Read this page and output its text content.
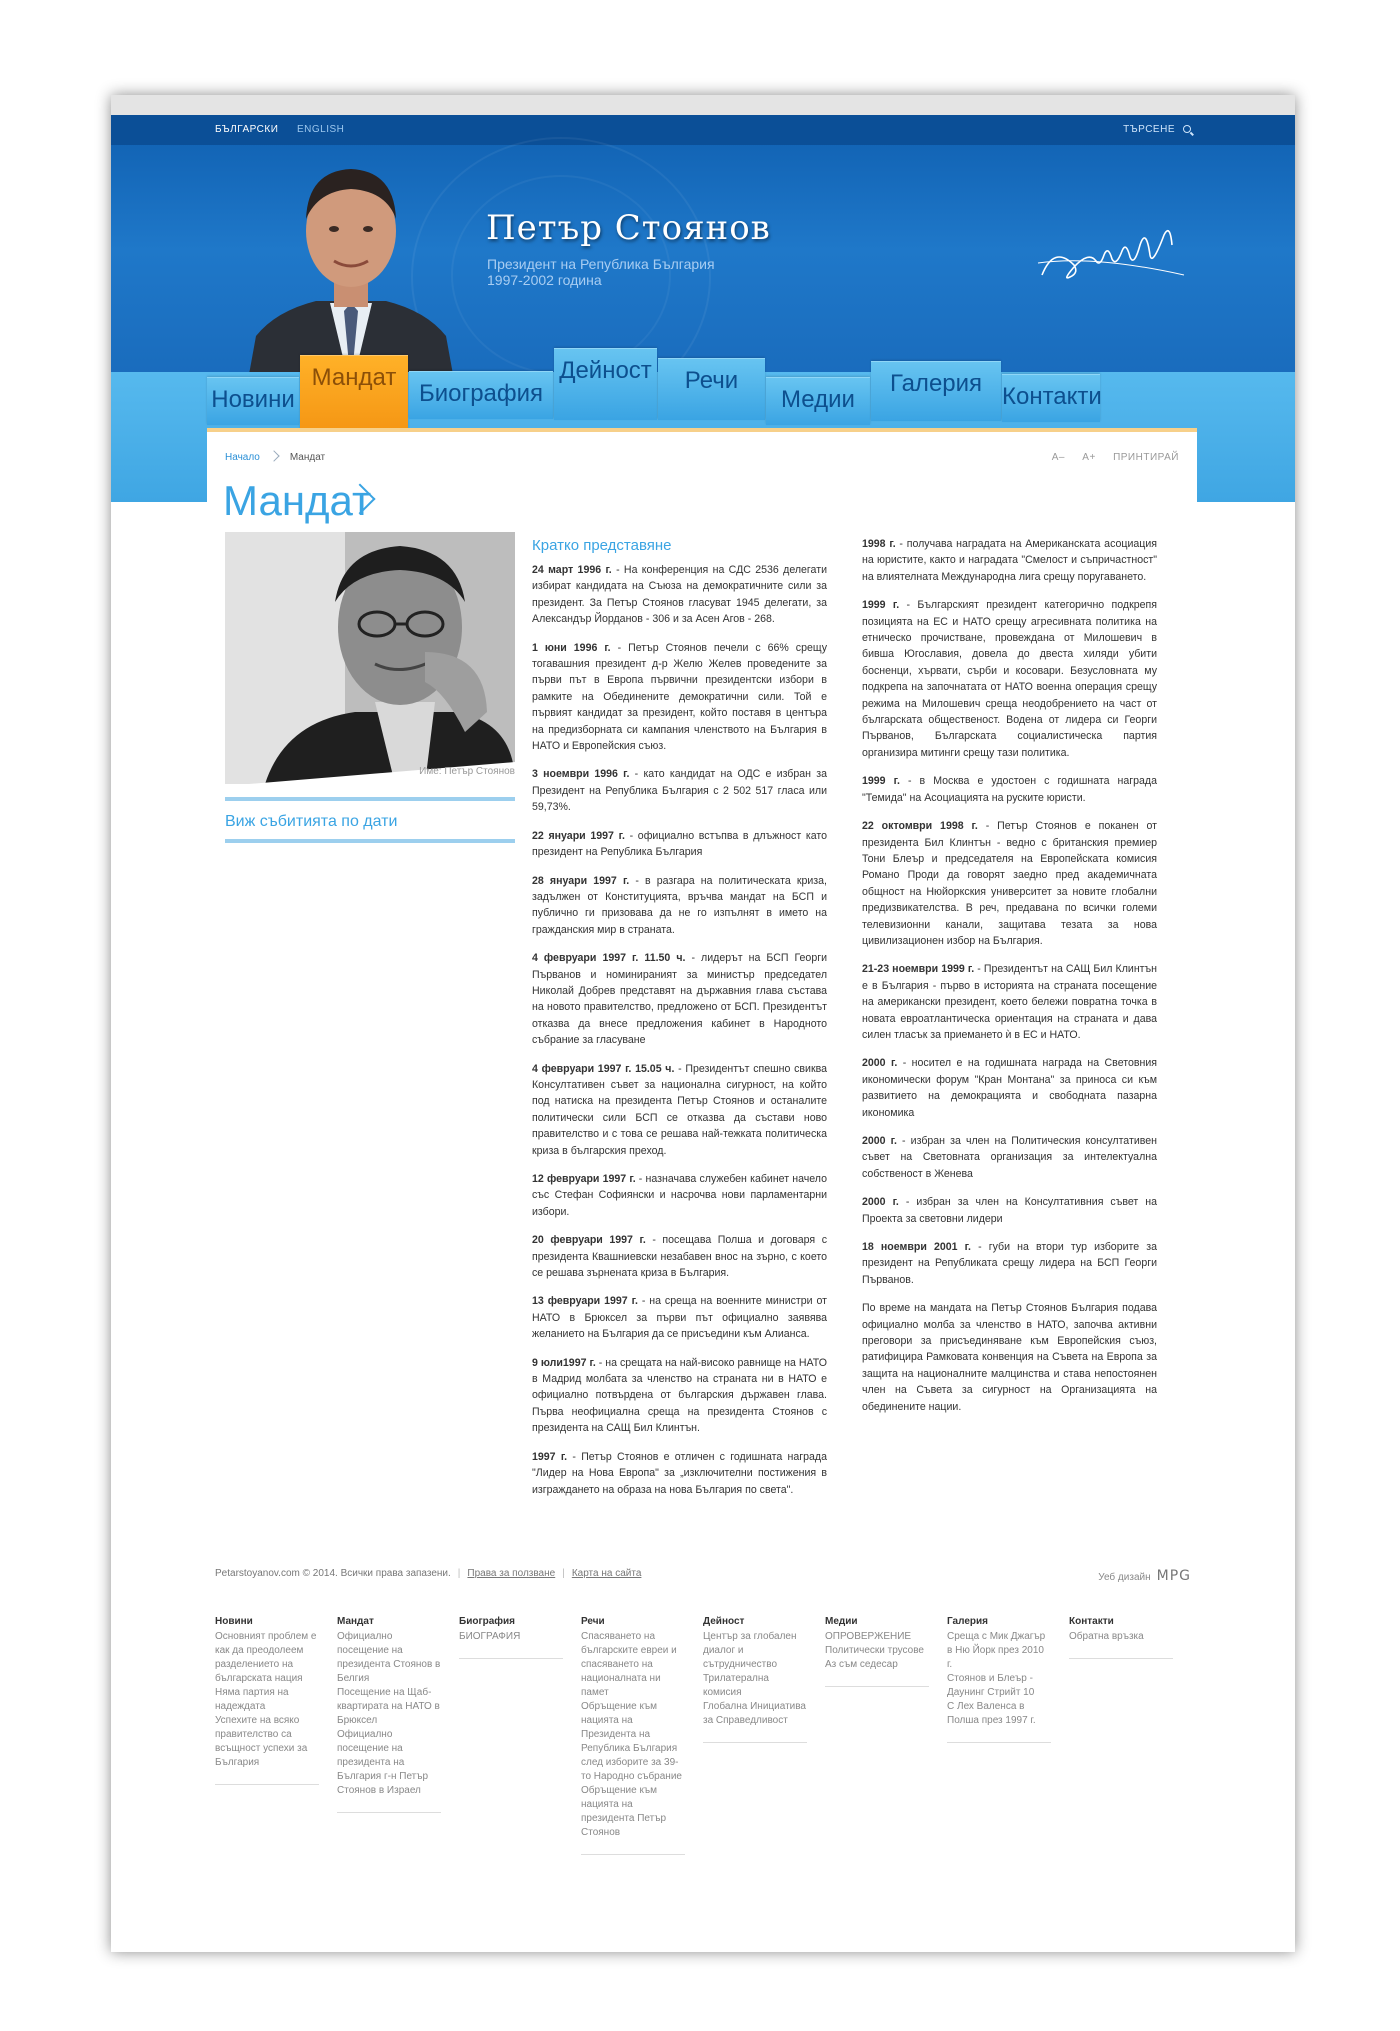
БЪЛГАРСКИ ENGLISH	ТЪРСЕНЕ
Петър Стоянов
Президент на Република България
1997-2002 година
Новини
Мандат
Биография
Дейност	Речи
Медии
Галерия Контакти
Начало	Мандат	A– A+ ПРИНТИРАЙ
Мандат
Име: Петър Стоянов
Виж събитията по дати
Кратко представяне

24 март 1996 г. - На конференция на СДС 2536 делегати избират кандидата на Съюза на демократичните сили за президент. За Петър Стоянов гласуват 1945 делегати, за Александър Йорданов - 306 и за Асен Агов - 268.

1 юни 1996 г. - Петър Стоянов печели с 66% срещу тогавашния президент д-р Желю Желев проведените за първи път в Европа първични президентски избори в рамките на Обединените демократични сили. Той е първият кандидат за президент, който поставя в центъра на предизборната си кампания членството на България в НАТО и Европейския съюз.

3 ноември 1996 г. - като кандидат на ОДС е избран за Президент на Република България с 2 502 517 гласа или 59,73%.

22 януари 1997 г. - официално встъпва в длъжност като президент на Република България

28 януари 1997 г. - в разгара на политическата криза, задължен от Конституцията, връчва мандат на БСП и публично ги призовава да не го изпълнят в името на гражданския мир в страната.

4 февруари 1997 г. 11.50 ч. - лидерът на БСП Георги Първанов и номинираният за министър председател Николай Добрев представят на държавния глава състава на новото правителство, предложено от БСП. Президентът отказва да внесе предложения кабинет в Народното събрание за гласуване

4 февруари 1997 г. 15.05 ч. - Президентът спешно свиква Консултативен съвет за национална сигурност, на който под натиска на президента Петър Стоянов и останалите политически сили БСП се отказва да състави ново правителство и с това се решава най-тежката политическа криза в българския преход.

12 февруари 1997 г. - назначава служебен кабинет начело със Стефан Софиянски и насрочва нови парламентарни избори.

20 февруари 1997 г. - посещава Полша и договаря с президента Квашниевски незабавен внос на зърно, с което се решава зърнената криза в България.

13 февруари 1997 г. - на среща на военните министри от НАТО в Брюксел за първи път официално заявява желанието на България да се присъедини към Алианса.

9 юли1997 г. - на срещата на най-високо равнище на НАТО в Мадрид молбата за членство на страната ни в НАТО е официално потвърдена от българския държавен глава. Първа неофициална среща на президента Стоянов с президента на САЩ Бил Клинтън.

1997 г. - Петър Стоянов е отличен с годишната награда "Лидер на Нова Европа" за „изключителни постижения в изграждането на образа на нова България по света".

1998 г. - получава наградата на Американската асоциация на юристите, както и наградата "Смелост и съпричастност" на влиятелната Международна лига срещу поругаването.

1999 г. - Българският президент категорично подкрепя позицията на ЕС и НАТО срещу агресивната политика на етническо прочистване, провеждана от Милошевич в бивша Югославия, довела до двеста хиляди убити босненци, хървати, сърби и косовари. Безусловната му подкрепа на започнатата от НАТО военна операция срещу режима на Милошевич среща неодобрението на част от българската общественост. Водена от лидера си Георги Първанов, Българската социалистическа партия организира митинги срещу тази политика.

1999 г. - в Москва е удостоен с годишната награда "Темида" на Асоциацията на руските юристи.

22 октомври 1998 г. - Петър Стоянов е поканен от президента Бил Клинтън - ведно с британския премиер Тони Блеър и председателя на Европейската комисия Романо Проди да говорят заедно пред академичната общност на Нюйоркския университет за новите глобални предизвикателства. В реч, предавана по всички големи телевизионни канали, защитава тезата за нова цивилизационен избор на България.

21-23 ноември 1999 г. - Президентът на САЩ Бил Клинтън е в България - първо в историята на страната посещение на американски президент, което бележи повратна точка в новата евроатлантическа ориентация на страната и дава силен тласък за приемането ѝ в ЕС и НАТО.

2000 г. - носител е на годишната награда на Световния икономически форум "Кран Монтана" за приноса си към развитието на демокрацията и свободната пазарна икономика

2000 г. - избран за член на Политическия консултативен съвет на Световната организация за интелектуална собственост в Женева

2000 г. - избран за член на Консултативния съвет на Проекта за световни лидери

18 ноември 2001 г. - губи на втори тур изборите за президент на Републиката срещу лидера на БСП Георги Първанов.

По време на мандата на Петър Стоянов България подава официално молба за членство в НАТО, започва активни преговори за присъединяване към Европейския съюз, ратифицира Рамковата конвенция на Съвета на Европа за защита на националните малцинства и става непостоянен член на Съвета за сигурност на Организацията на обединените нации.

Petarstoyanov.com © 2014. Всички права запазени. | Права за ползване | Карта на сайта	Уеб дизайн MPG
Новини
Основният проблем е как да преодолеем разделението на българската нация
Няма партия на надеждата
Успехите на всяко правителство са всъщност успехи за България
Мандат
Официално посещение на президента Стоянов в Белгия
Посещение на Щаб-квартирата на НАТО в Брюксел
Официално посещение на президента на България г-н Петър Стоянов в Израел
Биография
БИОГРАФИЯ
Речи
Спасяването на българските евреи и спасяването на националната ни памет
Обръщение към нацията на Президента на Република България след изборите за 39-то Народно събрание
Обръщение към нацията на президента Петър Стоянов
Дейност
Център за глобален диалог и сътрудничество
Трилатерална комисия
Глобална Инициатива за Справедливост
Медии
ОПРОВЕРЖЕНИЕ
Политически трусове
Аз съм седесар
Галерия
Среща с Мик Джагър в Ню Йорк през 2010 г.
Стоянов и Блеър - Даунинг Стрийт 10
С Лех Валенса в Полша през 1997 г.
Контакти
Обратна връзка
